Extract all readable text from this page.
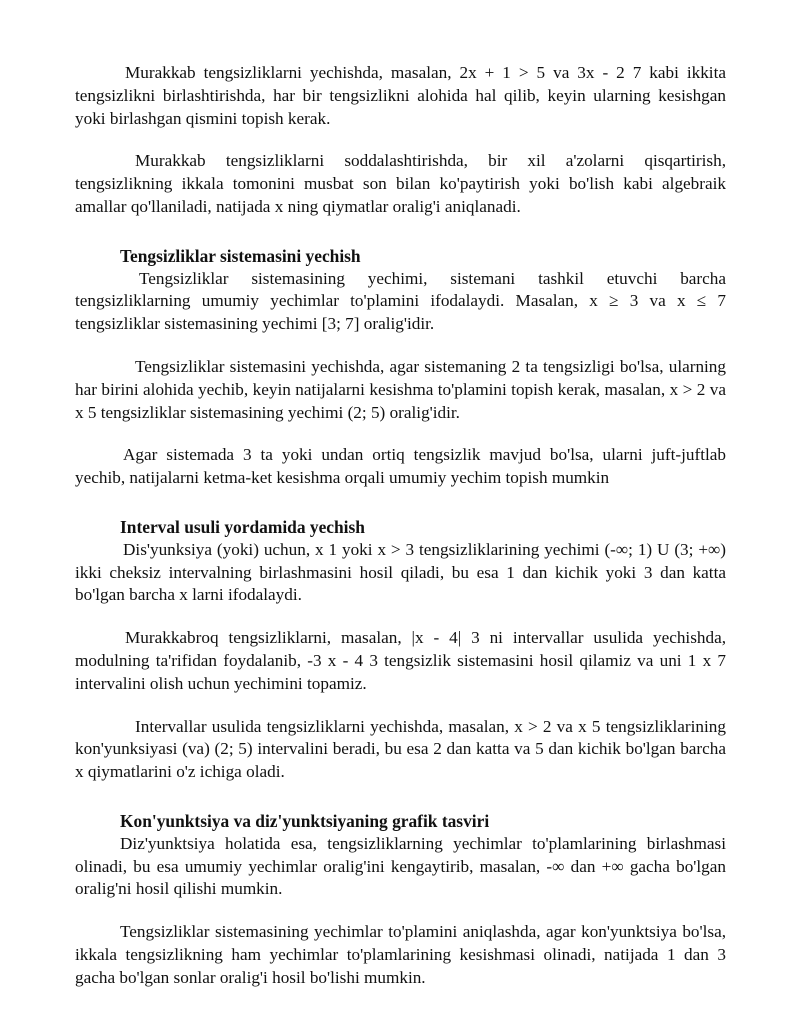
Murakkab tengsizliklarni yechishda, masalan, 2x + 1 > 5 va 3x - 2 7 kabi ikkita tengsizlikni birlashtirishda, har bir tengsizlikni alohida hal qilib, keyin ularning kesishgan yoki birlashgan qismini topish kerak.

Murakkab tengsizliklarni soddalashtirishda, bir xil a'zolarni qisqartirish, tengsizlikning ikkala tomonini musbat son bilan ko'paytirish yoki bo'lish kabi algebraik amallar qo'llaniladi, natijada x ning qiymatlar oralig'i aniqlanadi.

Tengsizliklar sistemasini yechish

Tengsizliklar sistemasining yechimi, sistemani tashkil etuvchi barcha tengsizliklarning umumiy yechimlar to'plamini ifodalaydi. Masalan, x ≥ 3 va x ≤ 7 tengsizliklar sistemasining yechimi [3; 7] oralig'idir.

Tengsizliklar sistemasini yechishda, agar sistemaning 2 ta tengsizligi bo'lsa, ularning har birini alohida yechib, keyin natijalarni kesishma to'plamini topish kerak, masalan, x > 2 va x 5 tengsizliklar sistemasining yechimi (2; 5) oralig'idir.

Agar sistemada 3 ta yoki undan ortiq tengsizlik mavjud bo'lsa, ularni juft-juftlab yechib, natijalarni ketma-ket kesishma orqali umumiy yechim topish mumkin

Interval usuli yordamida yechish

Dis'yunksiya (yoki) uchun, x 1 yoki x > 3 tengsizliklarining yechimi (-∞; 1) U (3; +∞) ikki cheksiz intervalning birlashmasini hosil qiladi, bu esa 1 dan kichik yoki 3 dan katta bo'lgan barcha x larni ifodalaydi.

Murakkabroq tengsizliklarni, masalan, |x - 4| 3 ni intervallar usulida yechishda, modulning ta'rifidan foydalanib, -3 x - 4 3 tengsizlik sistemasini hosil qilamiz va uni 1 x 7 intervalini olish uchun yechimini topamiz.

Intervallar usulida tengsizliklarni yechishda, masalan, x > 2 va x 5 tengsizliklarining kon'yunksiyasi (va) (2; 5) intervalini beradi, bu esa 2 dan katta va 5 dan kichik bo'lgan barcha x qiymatlarini o'z ichiga oladi.

Kon'yunktsiya va diz'yunktsiyaning grafik tasviri

Diz'yunktsiya holatida esa, tengsizliklarning yechimlar to'plamlarining birlashmasi olinadi, bu esa umumiy yechimlar oralig'ini kengaytirib, masalan, -∞ dan +∞ gacha bo'lgan oralig'ni hosil qilishi mumkin.

Tengsizliklar sistemasining yechimlar to'plamini aniqlashda, agar kon'yunktsiya bo'lsa, ikkala tengsizlikning ham yechimlar to'plamlarining kesishmasi olinadi, natijada 1 dan 3 gacha bo'lgan sonlar oralig'i hosil bo'lishi mumkin.
